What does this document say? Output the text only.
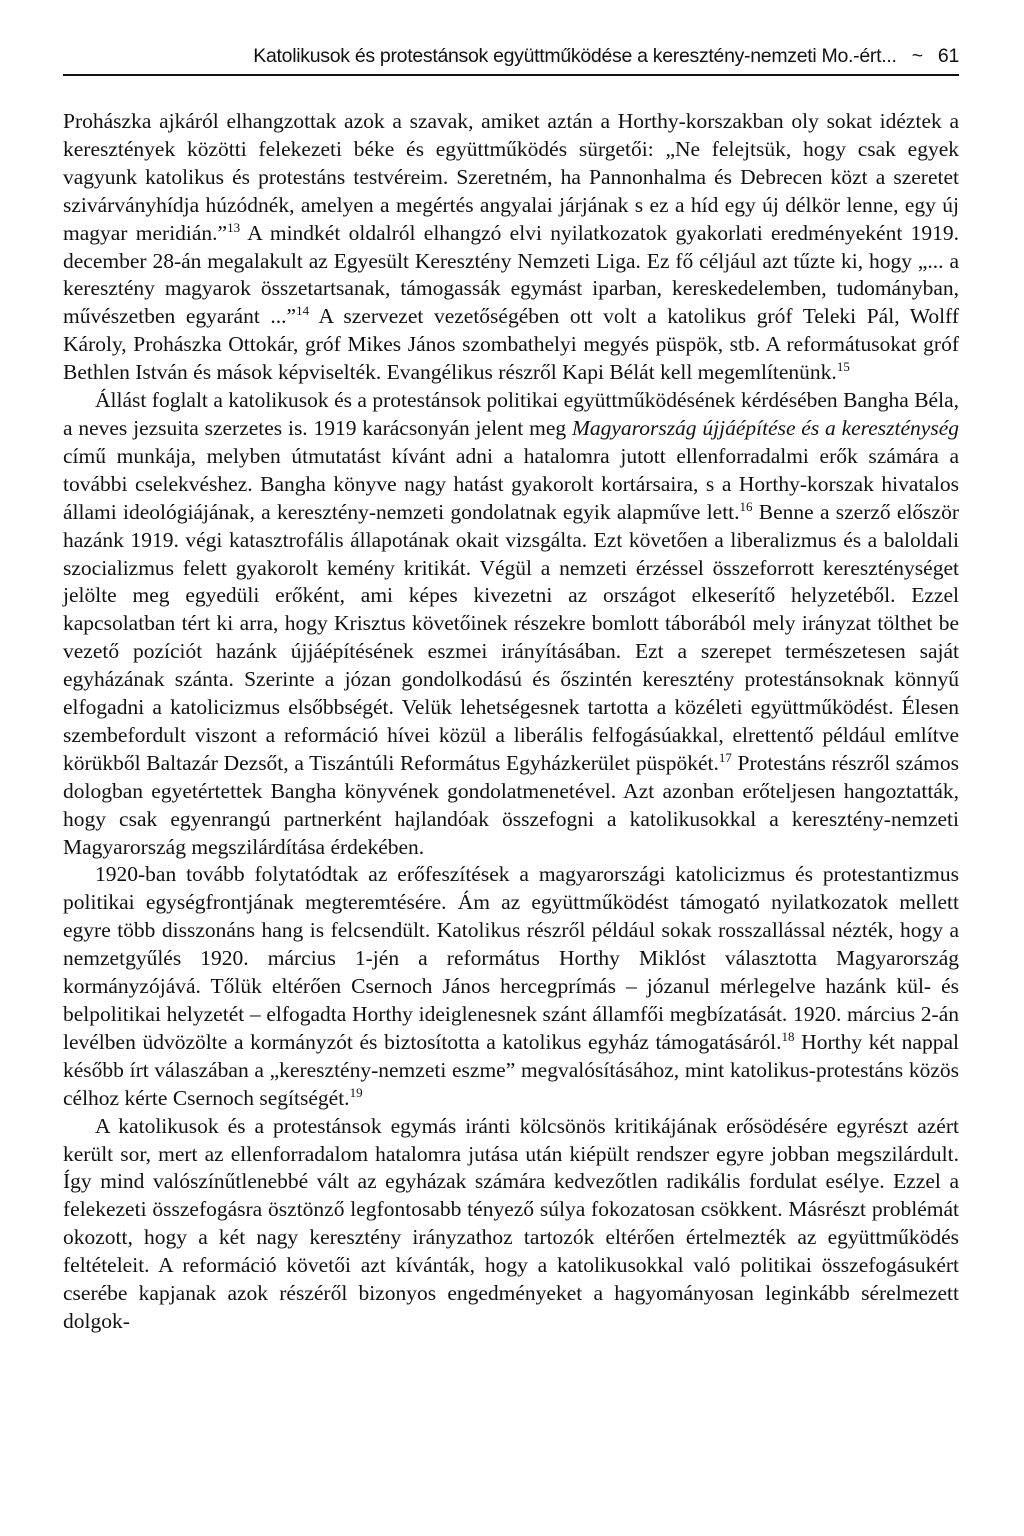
Katolikusok és protestánsok együttműködése a keresztény-nemzeti Mo.-ért... ~ 61

Prohászka ajkáról elhangzottak azok a szavak, amiket aztán a Horthy-korszakban oly sokat idéztek a keresztények közötti felekezeti béke és együttműködés sürgetői: „Ne felejtsük, hogy csak egyek vagyunk katolikus és protestáns testvéreim. Szeretném, ha Pannonhalma és Debrecen közt a szeretet szivárványhídja húzódnék, amelyen a megértés angyalai járjának s ez a híd egy új délkör lenne, egy új magyar meridián.”$^{13}$ A mindkét oldalról elhangzó elvi nyilatkozatok gyakorlati eredményeként 1919. december 28-án megalakult az Egyesült Keresztény Nemzeti Liga. Ez fő céljául azt tűzte ki, hogy „... a keresztény magyarok összetartsanak, támogassák egymást iparban, kereskedelemben, tudományban, művészetben egyaránt ...”$^{14}$ A szervezet vezetőségében ott volt a katolikus gróf Teleki Pál, Wolff Károly, Prohászka Ottokár, gróf Mikes János szombathelyi megyés püspök, stb. A reformátusokat gróf Bethlen István és mások képviselték. Evangélikus részről Kapi Bélát kell megemlítenünk.$^{15}$

Állást foglalt a katolikusok és a protestánsok politikai együttműködésének kérdésében Bangha Béla, a neves jezsuita szerzetes is. 1919 karácsonyán jelent meg Magyarország újjáépítése és a kereszténység című munkája, melyben útmutatást kívánt adni a hatalomra jutott ellenforradalmi erők számára a további cselekvéshez. Bangha könyve nagy hatást gyakorolt kortársaira, s a Horthy-korszak hivatalos állami ideológiájának, a keresztény-nemzeti gondolatnak egyik alapműve lett.$^{16}$ Benne a szerző először hazánk 1919. végi katasztrofális állapotának okait vizsgálta. Ezt követően a liberalizmus és a baloldali szocializmus felett gyakorolt kemény kritikát. Végül a nemzeti érzéssel összeforrott kereszténységet jelölte meg egyedüli erőként, ami képes kivezetni az országot elkeserítő helyzetéből. Ezzel kapcsolatban tért ki arra, hogy Krisztus követőinek részekre bomlott táborából mely irányzat tölthet be vezető pozíciót hazánk újjáépítésének eszmei irányításában. Ezt a szerepet természetesen saját egyházának szánta. Szerinte a józan gondolkodású és őszintén keresztény protestánsoknak könnyű elfogadni a katolicizmus elsőbbségét. Velük lehetségesnek tartotta a közéleti együttműködést. Élesen szembefordult viszont a reformáció hívei közül a liberális felfogásúakkal, elrettentő például említve körükből Baltazár Dezsőt, a Tiszántúli Református Egyházkerület püspökét.$^{17}$ Protestáns részről számos dologban egyetértettek Bangha könyvének gondolatmenetével. Azt azonban erőteljesen hangoztatták, hogy csak egyenrangú partnerként hajlandóak összefogni a katolikusokkal a keresztény-nemzeti Magyarország megszilárdítása érdekében.

1920-ban tovább folytatódtak az erőfeszítések a magyarországi katolicizmus és protestantizmus politikai egységfrontjának megteremtésére. Ám az együttműködést támogató nyilatkozatok mellett egyre több disszonáns hang is felcsendült. Katolikus részről például sokak rosszallással nézték, hogy a nemzetgyűlés 1920. március 1-jén a református Horthy Miklóst választotta Magyarország kormányzójává. Tőlük eltérően Csernoch János hercegprímás – józanul mérlegelve hazánk kül- és belpolitikai helyzetét – elfogadta Horthy ideiglenesnek szánt államfői megbízatását. 1920. március 2-án levélben üdvözölte a kormányzót és biztosította a katolikus egyház támogatásáról.$^{18}$ Horthy két nappal később írt válaszában a „keresztény-nemzeti eszme” megvalósításához, mint katolikus-protestáns közös célhoz kérte Csernoch segítségét.$^{19}$

A katolikusok és a protestánsok egymás iránti kölcsönös kritikájának erősödésére egyrészt azért került sor, mert az ellenforradalom hatalomra jutása után kiépült rendszer egyre jobban megszilárdult. Így mind valószínűtlenebbé vált az egyházak számára kedvezőtlen radikális fordulat esélye. Ezzel a felekezeti összefogásra ösztönző legfontosabb tényező súlya fokozatosan csökkent. Másrészt problémát okozott, hogy a két nagy keresztény irányzathoz tartozók eltérően értelmezték az együttműködés feltételeit. A reformáció követői azt kívánták, hogy a katolikusokkal való politikai összefogásukért cserébe kapjanak azok részéről bizonyos engedményeket a hagyományosan leginkább sérelmezett dolgok-
